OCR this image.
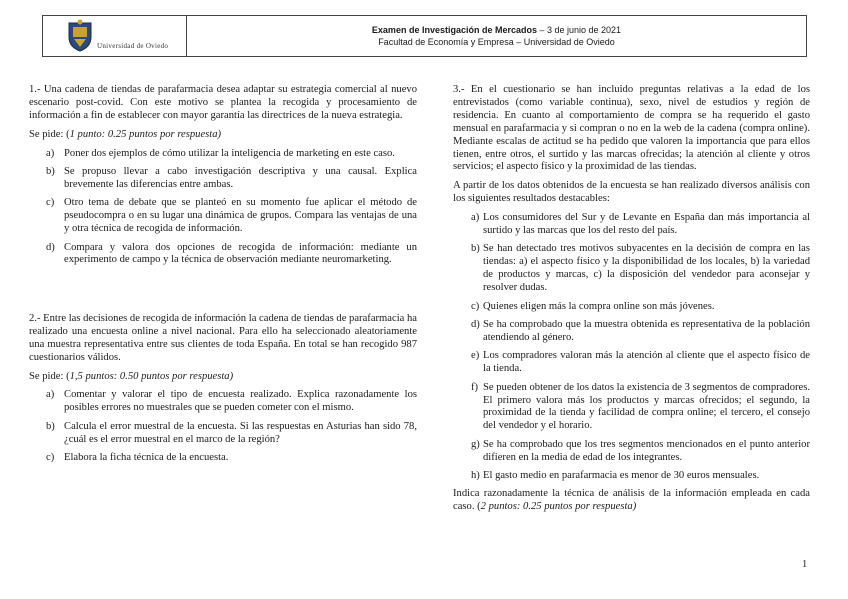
Universidad de Oviedo
Examen de Investigación de Mercados – 3 de junio de 2021
Facultad de Economía y Empresa – Universidad de Oviedo

1.- Una cadena de tiendas de parafarmacia desea adaptar su estrategia comercial al nuevo escenario post-covid. Con este motivo se plantea la recogida y procesamiento de información a fin de establecer con mayor garantía las directrices de la nueva estrategia.

Se pide: (1 punto: 0.25 puntos por respuesta)

a) Poner dos ejemplos de cómo utilizar la inteligencia de marketing en este caso.
b) Se propuso llevar a cabo investigación descriptiva y una causal. Explica brevemente las diferencias entre ambas.
c) Otro tema de debate que se planteó en su momento fue aplicar el método de pseudocompra o en su lugar una dinámica de grupos. Compara las ventajas de una y otra técnica de recogida de información.
d) Compara y valora dos opciones de recogida de información: mediante un experimento de campo y la técnica de observación mediante neuromarketing.

2.- Entre las decisiones de recogida de información la cadena de tiendas de parafarmacia ha realizado una encuesta online a nivel nacional. Para ello ha seleccionado aleatoriamente una muestra representativa entre sus clientes de toda España. En total se han recogido 987 cuestionarios válidos.

Se pide: (1,5 puntos: 0.50 puntos por respuesta)

a) Comentar y valorar el tipo de encuesta realizado. Explica razonadamente los posibles errores no muestrales que se pueden cometer con el mismo.
b) Calcula el error muestral de la encuesta. Si las respuestas en Asturias han sido 78, ¿cuál es el error muestral en el marco de la región?
c) Elabora la ficha técnica de la encuesta.

3.- En el cuestionario se han incluido preguntas relativas a la edad de los entrevistados (como variable continua), sexo, nivel de estudios y región de residencia. En cuanto al comportamiento de compra se ha requerido el gasto mensual en parafarmacia y si compran o no en la web de la cadena (compra online). Mediante escalas de actitud se ha pedido que valoren la importancia que para ellos tienen, entre otros, el surtido y las marcas ofrecidas; la atención al cliente y otros servicios; el aspecto físico y la proximidad de las tiendas.

A partir de los datos obtenidos de la encuesta se han realizado diversos análisis con los siguientes resultados destacables:

a) Los consumidores del Sur y de Levante en España dan más importancia al surtido y las marcas que los del resto del país.
b) Se han detectado tres motivos subyacentes en la decisión de compra en las tiendas: a) el aspecto físico y la disponibilidad de los locales, b) la variedad de productos y marcas, c) la disposición del vendedor para aconsejar y resolver dudas.
c) Quienes eligen más la compra online son más jóvenes.
d) Se ha comprobado que la muestra obtenida es representativa de la población atendiendo al género.
e) Los compradores valoran más la atención al cliente que el aspecto físico de la tienda.
f) Se pueden obtener de los datos la existencia de 3 segmentos de compradores. El primero valora más los productos y marcas ofrecidos; el segundo, la proximidad de la tienda y facilidad de compra online; el tercero, el consejo del vendedor y el horario.
g) Se ha comprobado que los tres segmentos mencionados en el punto anterior difieren en la media de edad de los integrantes.
h) El gasto medio en parafarmacia es menor de 30 euros mensuales.

Indica razonadamente la técnica de análisis de la información empleada en cada caso. (2 puntos: 0.25 puntos por respuesta)

1
